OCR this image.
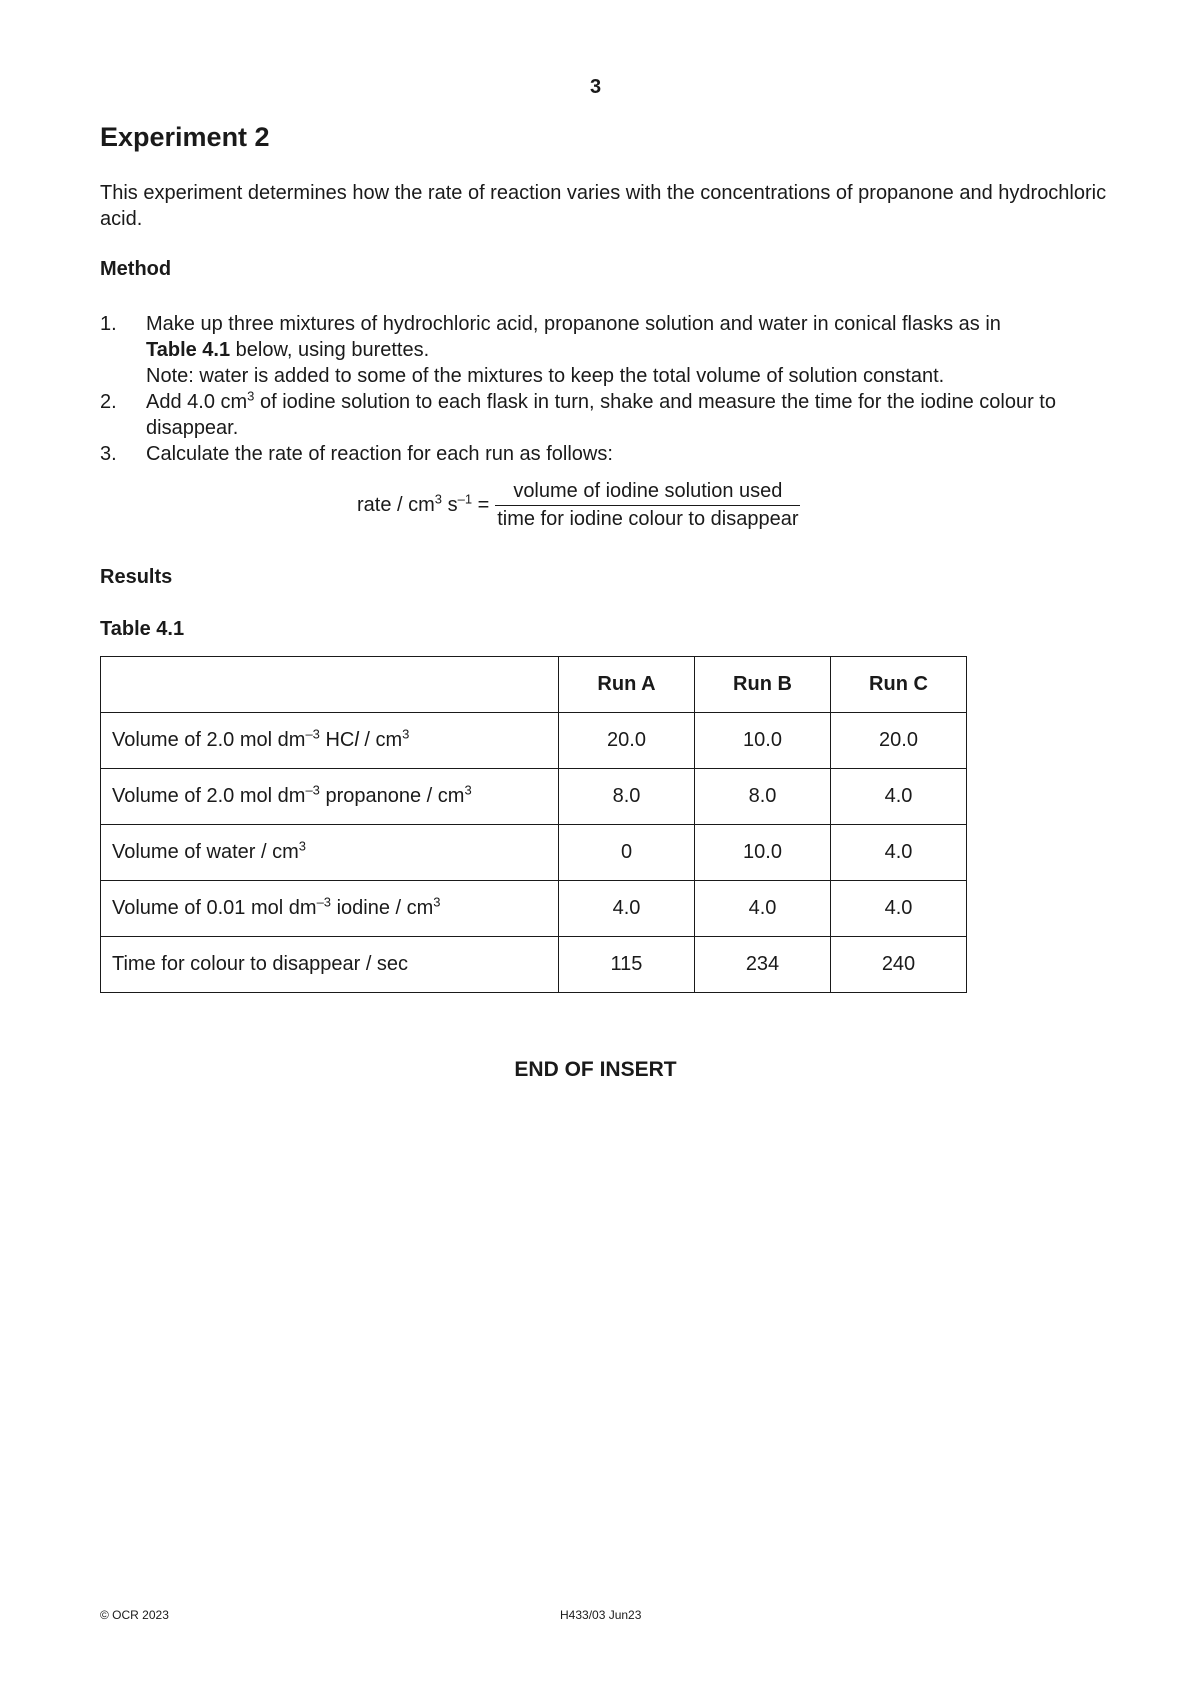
3
Experiment 2
This experiment determines how the rate of reaction varies with the concentrations of propanone and hydrochloric acid.
Method
1. Make up three mixtures of hydrochloric acid, propanone solution and water in conical flasks as in
Table 4.1 below, using burettes.
Note: water is added to some of the mixtures to keep the total volume of solution constant.
2. Add 4.0 $cm^3$ of iodine solution to each flask in turn, shake and measure the time for the iodine colour to disappear.
3. Calculate the rate of reaction for each run as follows:
rate / $cm^3$ $s^{-1} = \frac{\text{volume of iodine solution used}}{\text{time for iodine colour to disappear}}$
Results
Table 4.1
	Run A	Run B	Run C
Volume of 2.0 mol $dm^{-3}$ HCl / $cm^3$	20.0	10.0	20.0
Volume of 2.0 mol $dm^{-3}$ propanone / $cm^3$	8.0	8.0	4.0
Volume of water / $cm^3$	0	10.0	4.0
Volume of 0.01 mol $dm^{-3}$ iodine / $cm^3$	4.0	4.0	4.0
Time for colour to disappear / sec	115	234	240
END OF INSERT
© OCR 2023	H433/03 Jun23
